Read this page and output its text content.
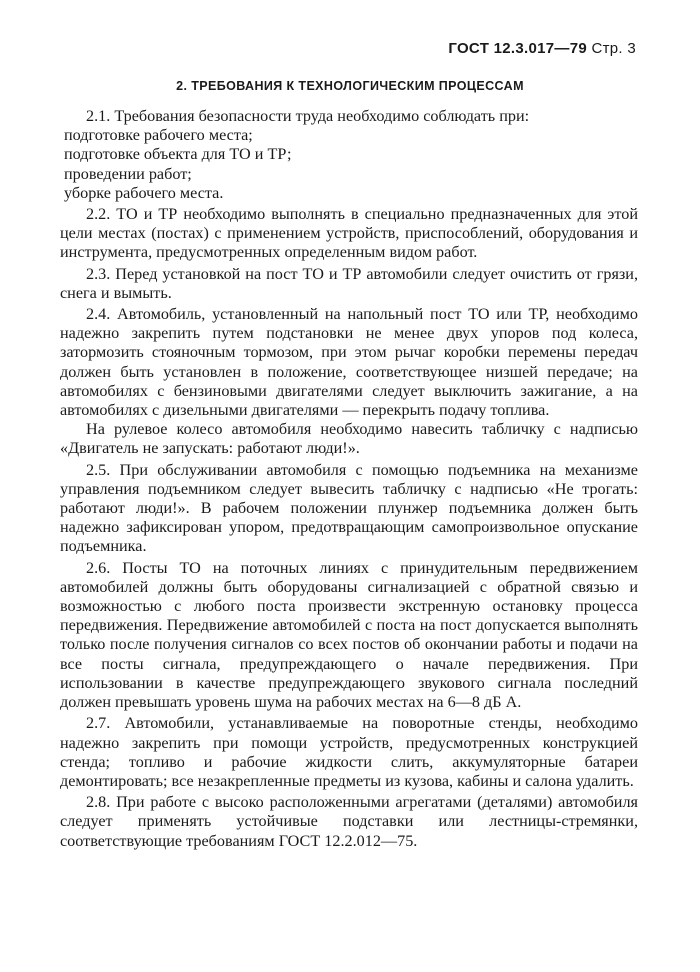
ГОСТ 12.3.017—79 Стр. 3
2. ТРЕБОВАНИЯ К ТЕХНОЛОГИЧЕСКИМ ПРОЦЕССАМ

2.1. Требования безопасности труда необходимо соблюдать при:

подготовке рабочего места;

подготовке объекта для ТО и ТР;

проведении работ;

уборке рабочего места.

2.2. ТО и ТР необходимо выполнять в специально предназначенных для этой цели местах (постах) с применением устройств, приспособлений, оборудования и инструмента, предусмотренных определенным видом работ.

2.3. Перед установкой на пост ТО и ТР автомобили следует очистить от грязи, снега и вымыть.

2.4. Автомобиль, установленный на напольный пост ТО или ТР, необходимо надежно закрепить путем подстановки не менее двух упоров под колеса, затормозить стояночным тормозом, при этом рычаг коробки перемены передач должен быть установлен в положение, соответствующее низшей передаче; на автомобилях с бензиновыми двигателями следует выключить зажигание, а на автомобилях с дизельными двигателями — перекрыть подачу топлива.

На рулевое колесо автомобиля необходимо навесить табличку с надписью «Двигатель не запускать: работают люди!».

2.5. При обслуживании автомобиля с помощью подъемника на механизме управления подъемником следует вывесить табличку с надписью «Не трогать: работают люди!». В рабочем положении плунжер подъемника должен быть надежно зафиксирован упором, предотвращающим самопроизвольное опускание подъемника.

2.6. Посты ТО на поточных линиях с принудительным передвижением автомобилей должны быть оборудованы сигнализацией с обратной связью и возможностью с любого поста произвести экстренную остановку процесса передвижения. Передвижение автомобилей с поста на пост допускается выполнять только после получения сигналов со всех постов об окончании работы и подачи на все посты сигнала, предупреждающего о начале передвижения. При использовании в качестве предупреждающего звукового сигнала последний должен превышать уровень шума на рабочих местах на 6—8 дБ А.

2.7. Автомобили, устанавливаемые на поворотные стенды, необходимо надежно закрепить при помощи устройств, предусмотренных конструкцией стенда; топливо и рабочие жидкости слить, аккумуляторные батареи демонтировать; все незакрепленные предметы из кузова, кабины и салона удалить.

2.8. При работе с высоко расположенными агрегатами (деталями) автомобиля следует применять устойчивые подставки или лестницы-стремянки, соответствующие требованиям ГОСТ 12.2.012—75.
